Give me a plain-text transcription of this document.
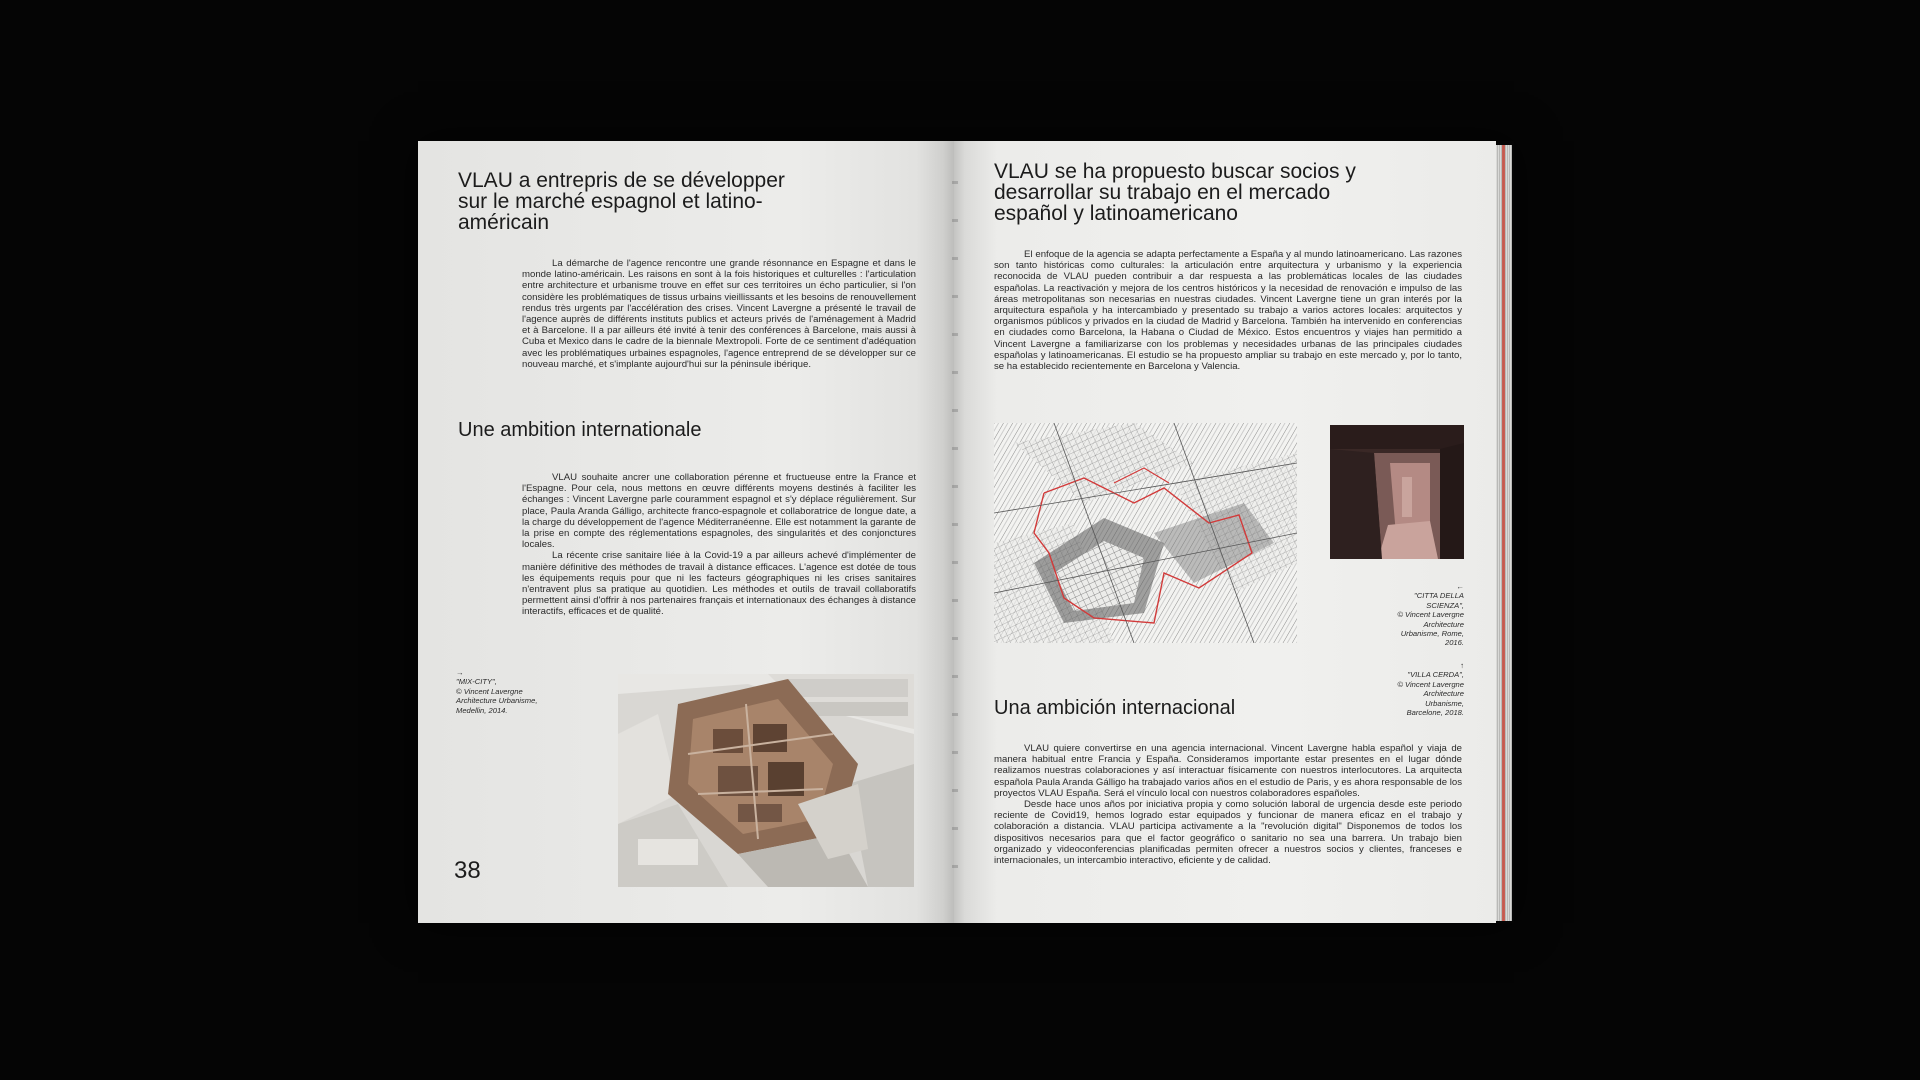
VLAU a entrepris de se développer sur le marché espagnol et latino-américain

La démarche de l'agence rencontre une grande résonnance en Espagne et dans le monde latino-américain. Les raisons en sont à la fois historiques et culturelles : l'articulation entre architecture et urbanisme trouve en effet sur ces territoires un écho particulier, si l'on considère les problématiques de tissus urbains vieillissants et les besoins de renouvellement rendus très urgents par l'accélération des crises. Vincent Lavergne a présenté le travail de l'agence auprès de différents instituts publics et acteurs privés de l'aménagement à Madrid et à Barcelone. Il a par ailleurs été invité à tenir des conférences à Barcelone, mais aussi à Cuba et Mexico dans le cadre de la biennale Mextropoli. Forte de ce sentiment d'adéquation avec les problématiques urbaines espagnoles, l'agence entreprend de se développer sur ce nouveau marché, et s'implante aujourd'hui sur la péninsule ibérique.

Une ambition internationale

VLAU souhaite ancrer une collaboration pérenne et fructueuse entre la France et l'Espagne. Pour cela, nous mettons en œuvre différents moyens destinés à faciliter les échanges : Vincent Lavergne parle couramment espagnol et s'y déplace régulièrement. Sur place, Paula Aranda Gálligo, architecte franco-espagnole et collaboratrice de longue date, a la charge du développement de l'agence Méditerranéenne. Elle est notamment la garante de la prise en compte des réglementations espagnoles, des singularités et des conjonctures locales.

La récente crise sanitaire liée à la Covid-19 a par ailleurs achevé d'implémenter de manière définitive des méthodes de travail à distance efficaces. L'agence est dotée de tous les équipements requis pour que ni les facteurs géographiques ni les crises sanitaires n'entravent plus sa pratique au quotidien. Les méthodes et outils de travail collaboratifs permettent ainsi d'offrir à nos partenaires français et internationaux des échanges à distance interactifs, efficaces et de qualité.

→
"MIX-CITY",
© Vincent Lavergne
Architecture Urbanisme,
Medellin, 2014.
38
VLAU se ha propuesto buscar socios y desarrollar su trabajo en el mercado español y latinoamericano

El enfoque de la agencia se adapta perfectamente a España y al mundo latinoamericano. Las razones son tanto históricas como culturales: la articulación entre arquitectura y urbanismo y la experiencia reconocida de VLAU pueden contribuir a dar respuesta a las problemáticas locales de las ciudades españolas. La reactivación y mejora de los centros históricos y la necesidad de renovación e impulso de las áreas metropolitanas son necesarias en nuestras ciudades. Vincent Lavergne tiene un gran interés por la arquitectura española y ha intercambiado y presentado su trabajo a varios actores locales: arquitectos y organismos públicos y privados en la ciudad de Madrid y Barcelona. También ha intervenido en conferencias en ciudades como Barcelona, la Habana o Ciudad de México. Estos encuentros y viajes han permitido a Vincent Lavergne a familiarizarse con los problemas y necesidades urbanas de las principales ciudades españolas y latinoamericanas. El estudio se ha propuesto ampliar su trabajo en este mercado y, por lo tanto, se ha establecido recientemente en Barcelona y Valencia.

←
"CITTA DELLA
SCIENZA",
© Vincent Lavergne
Architecture
Urbanisme, Rome,
2016.
↑
"VILLA CERDA",
© Vincent Lavergne
Architecture
Urbanisme,
Barcelone, 2018.
Una ambición internacional

VLAU quiere convertirse en una agencia internacional. Vincent Lavergne habla español y viaja de manera habitual entre Francia y España. Consideramos importante estar presentes en el lugar dónde realizamos nuestras colaboraciones y así interactuar físicamente con nuestros interlocutores. La arquitecta española Paula Aranda Gálligo ha trabajado varios años en el estudio de Paris, y es ahora responsable de los proyectos VLAU España. Será el vínculo local con nuestros colaboradores españoles.

Desde hace unos años por iniciativa propia y como solución laboral de urgencia desde este periodo reciente de Covid19, hemos logrado estar equipados y funcionar de manera eficaz en el trabajo y colaboración a distancia. VLAU participa activamente a la "revolución digital" Disponemos de todos los dispositivos necesarios para que el factor geográfico o sanitario no sea una barrera. Un trabajo bien organizado y videoconferencias planificadas permiten ofrecer a nuestros socios y clientes, franceses e internacionales, un intercambio interactivo, eficiente y de calidad.
